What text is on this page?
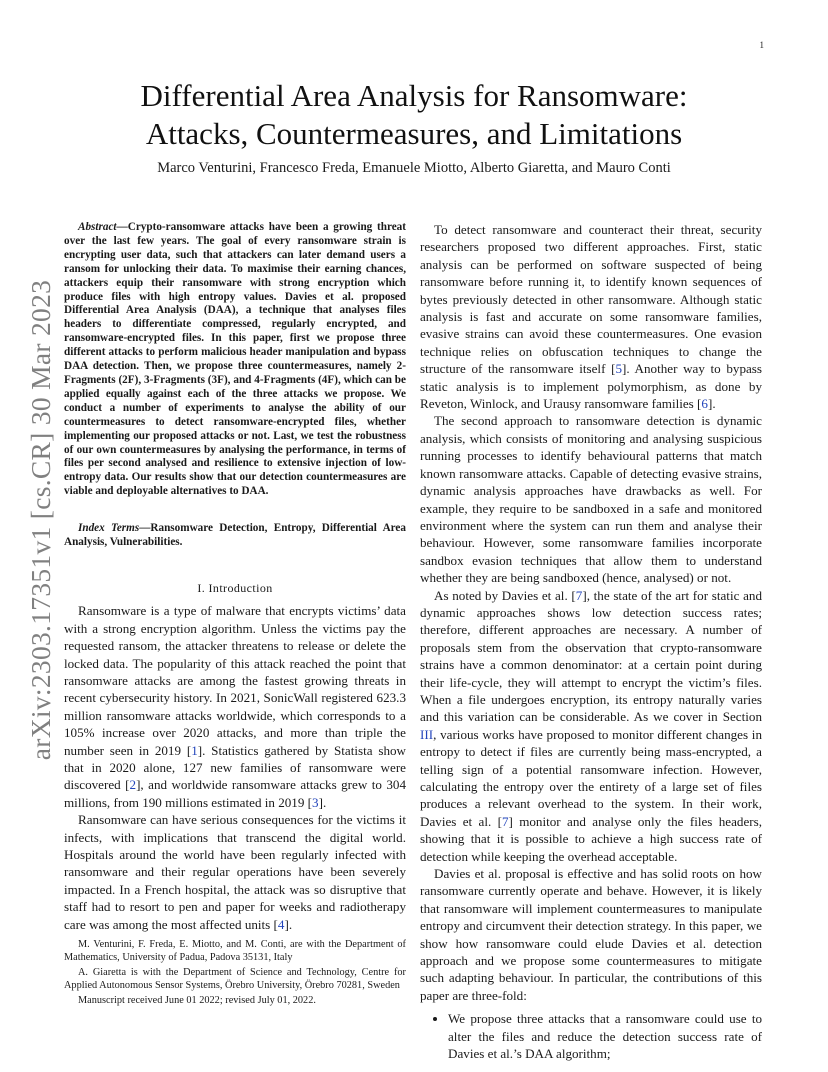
1
arXiv:2303.17351v1 [cs.CR] 30 Mar 2023
Differential Area Analysis for Ransomware:
Attacks, Countermeasures, and Limitations
Marco Venturini, Francesco Freda, Emanuele Miotto, Alberto Giaretta, and Mauro Conti

Abstract—Crypto-ransomware attacks have been a growing threat over the last few years. The goal of every ransomware strain is encrypting user data, such that attackers can later demand users a ransom for unlocking their data. To maximise their earning chances, attackers equip their ransomware with strong encryption which produce files with high entropy values. Davies et al. proposed Differential Area Analysis (DAA), a technique that analyses files headers to differentiate compressed, regularly encrypted, and ransomware-encrypted files. In this paper, first we propose three different attacks to perform malicious header manipulation and bypass DAA detection. Then, we propose three countermeasures, namely 2-Fragments (2F), 3-Fragments (3F), and 4-Fragments (4F), which can be applied equally against each of the three attacks we propose. We conduct a number of experiments to analyse the ability of our countermeasures to detect ransomware-encrypted files, whether implementing our proposed attacks or not. Last, we test the robustness of our own countermeasures by analysing the performance, in terms of files per second analysed and resilience to extensive injection of low-entropy data. Our results show that our detection countermeasures are viable and deployable alternatives to DAA.

Index Terms—Ransomware Detection, Entropy, Differential Area Analysis, Vulnerabilities.

I. Introduction

Ransomware is a type of malware that encrypts victims’ data with a strong encryption algorithm. Unless the victims pay the requested ransom, the attacker threatens to release or delete the locked data. The popularity of this attack reached the point that ransomware attacks are among the fastest growing threats in recent cybersecurity history. In 2021, SonicWall registered 623.3 million ransomware attacks worldwide, which corresponds to a 105% increase over 2020 attacks, and more than triple the number seen in 2019 [1]. Statistics gathered by Statista show that in 2020 alone, 127 new families of ransomware were discovered [2], and worldwide ransomware attacks grew to 304 millions, from 190 millions estimated in 2019 [3].

Ransomware can have serious consequences for the victims it infects, with implications that transcend the digital world. Hospitals around the world have been regularly infected with ransomware and their regular operations have been severely impacted. In a French hospital, the attack was so disruptive that staff had to resort to pen and paper for weeks and radiotherapy care was among the most affected units [4].

M. Venturini, F. Freda, E. Miotto, and M. Conti, are with the Department of Mathematics, University of Padua, Padova 35131, Italy

A. Giaretta is with the Department of Science and Technology, Centre for Applied Autonomous Sensor Systems, Örebro University, Örebro 70281, Sweden

Manuscript received June 01 2022; revised July 01, 2022.

To detect ransomware and counteract their threat, security researchers proposed two different approaches. First, static analysis can be performed on software suspected of being ransomware before running it, to identify known sequences of bytes previously detected in other ransomware. Although static analysis is fast and accurate on some ransomware families, evasive strains can avoid these countermeasures. One evasion technique relies on obfuscation techniques to change the structure of the ransomware itself [5]. Another way to bypass static analysis is to implement polymorphism, as done by Reveton, Winlock, and Urausy ransomware families [6].

The second approach to ransomware detection is dynamic analysis, which consists of monitoring and analysing suspicious running processes to identify behavioural patterns that match known ransomware attacks. Capable of detecting evasive strains, dynamic analysis approaches have drawbacks as well. For example, they require to be sandboxed in a safe and monitored environment where the system can run them and analyse their behaviour. However, some ransomware families incorporate sandbox evasion techniques that allow them to understand whether they are being sandboxed (hence, analysed) or not.

As noted by Davies et al. [7], the state of the art for static and dynamic approaches shows low detection success rates; therefore, different approaches are necessary. A number of proposals stem from the observation that crypto-ransomware strains have a common denominator: at a certain point during their life-cycle, they will attempt to encrypt the victim’s files. When a file undergoes encryption, its entropy naturally varies and this variation can be considerable. As we cover in Section III, various works have proposed to monitor different changes in entropy to detect if files are currently being mass-encrypted, a telling sign of a potential ransomware infection. However, calculating the entropy over the entirety of a large set of files produces a relevant overhead to the system. In their work, Davies et al. [7] monitor and analyse only the files headers, showing that it is possible to achieve a high success rate of detection while keeping the overhead acceptable.

Davies et al. proposal is effective and has solid roots on how ransomware currently operate and behave. However, it is likely that ransomware will implement countermeasures to manipulate entropy and circumvent their detection strategy. In this paper, we show how ransomware could elude Davies et al. detection approach and we propose some countermeasures to mitigate such adapting behaviour. In particular, the contributions of this paper are three-fold:

• We propose three attacks that a ransomware could use to alter the files and reduce the detection success rate of Davies et al.’s DAA algorithm;
